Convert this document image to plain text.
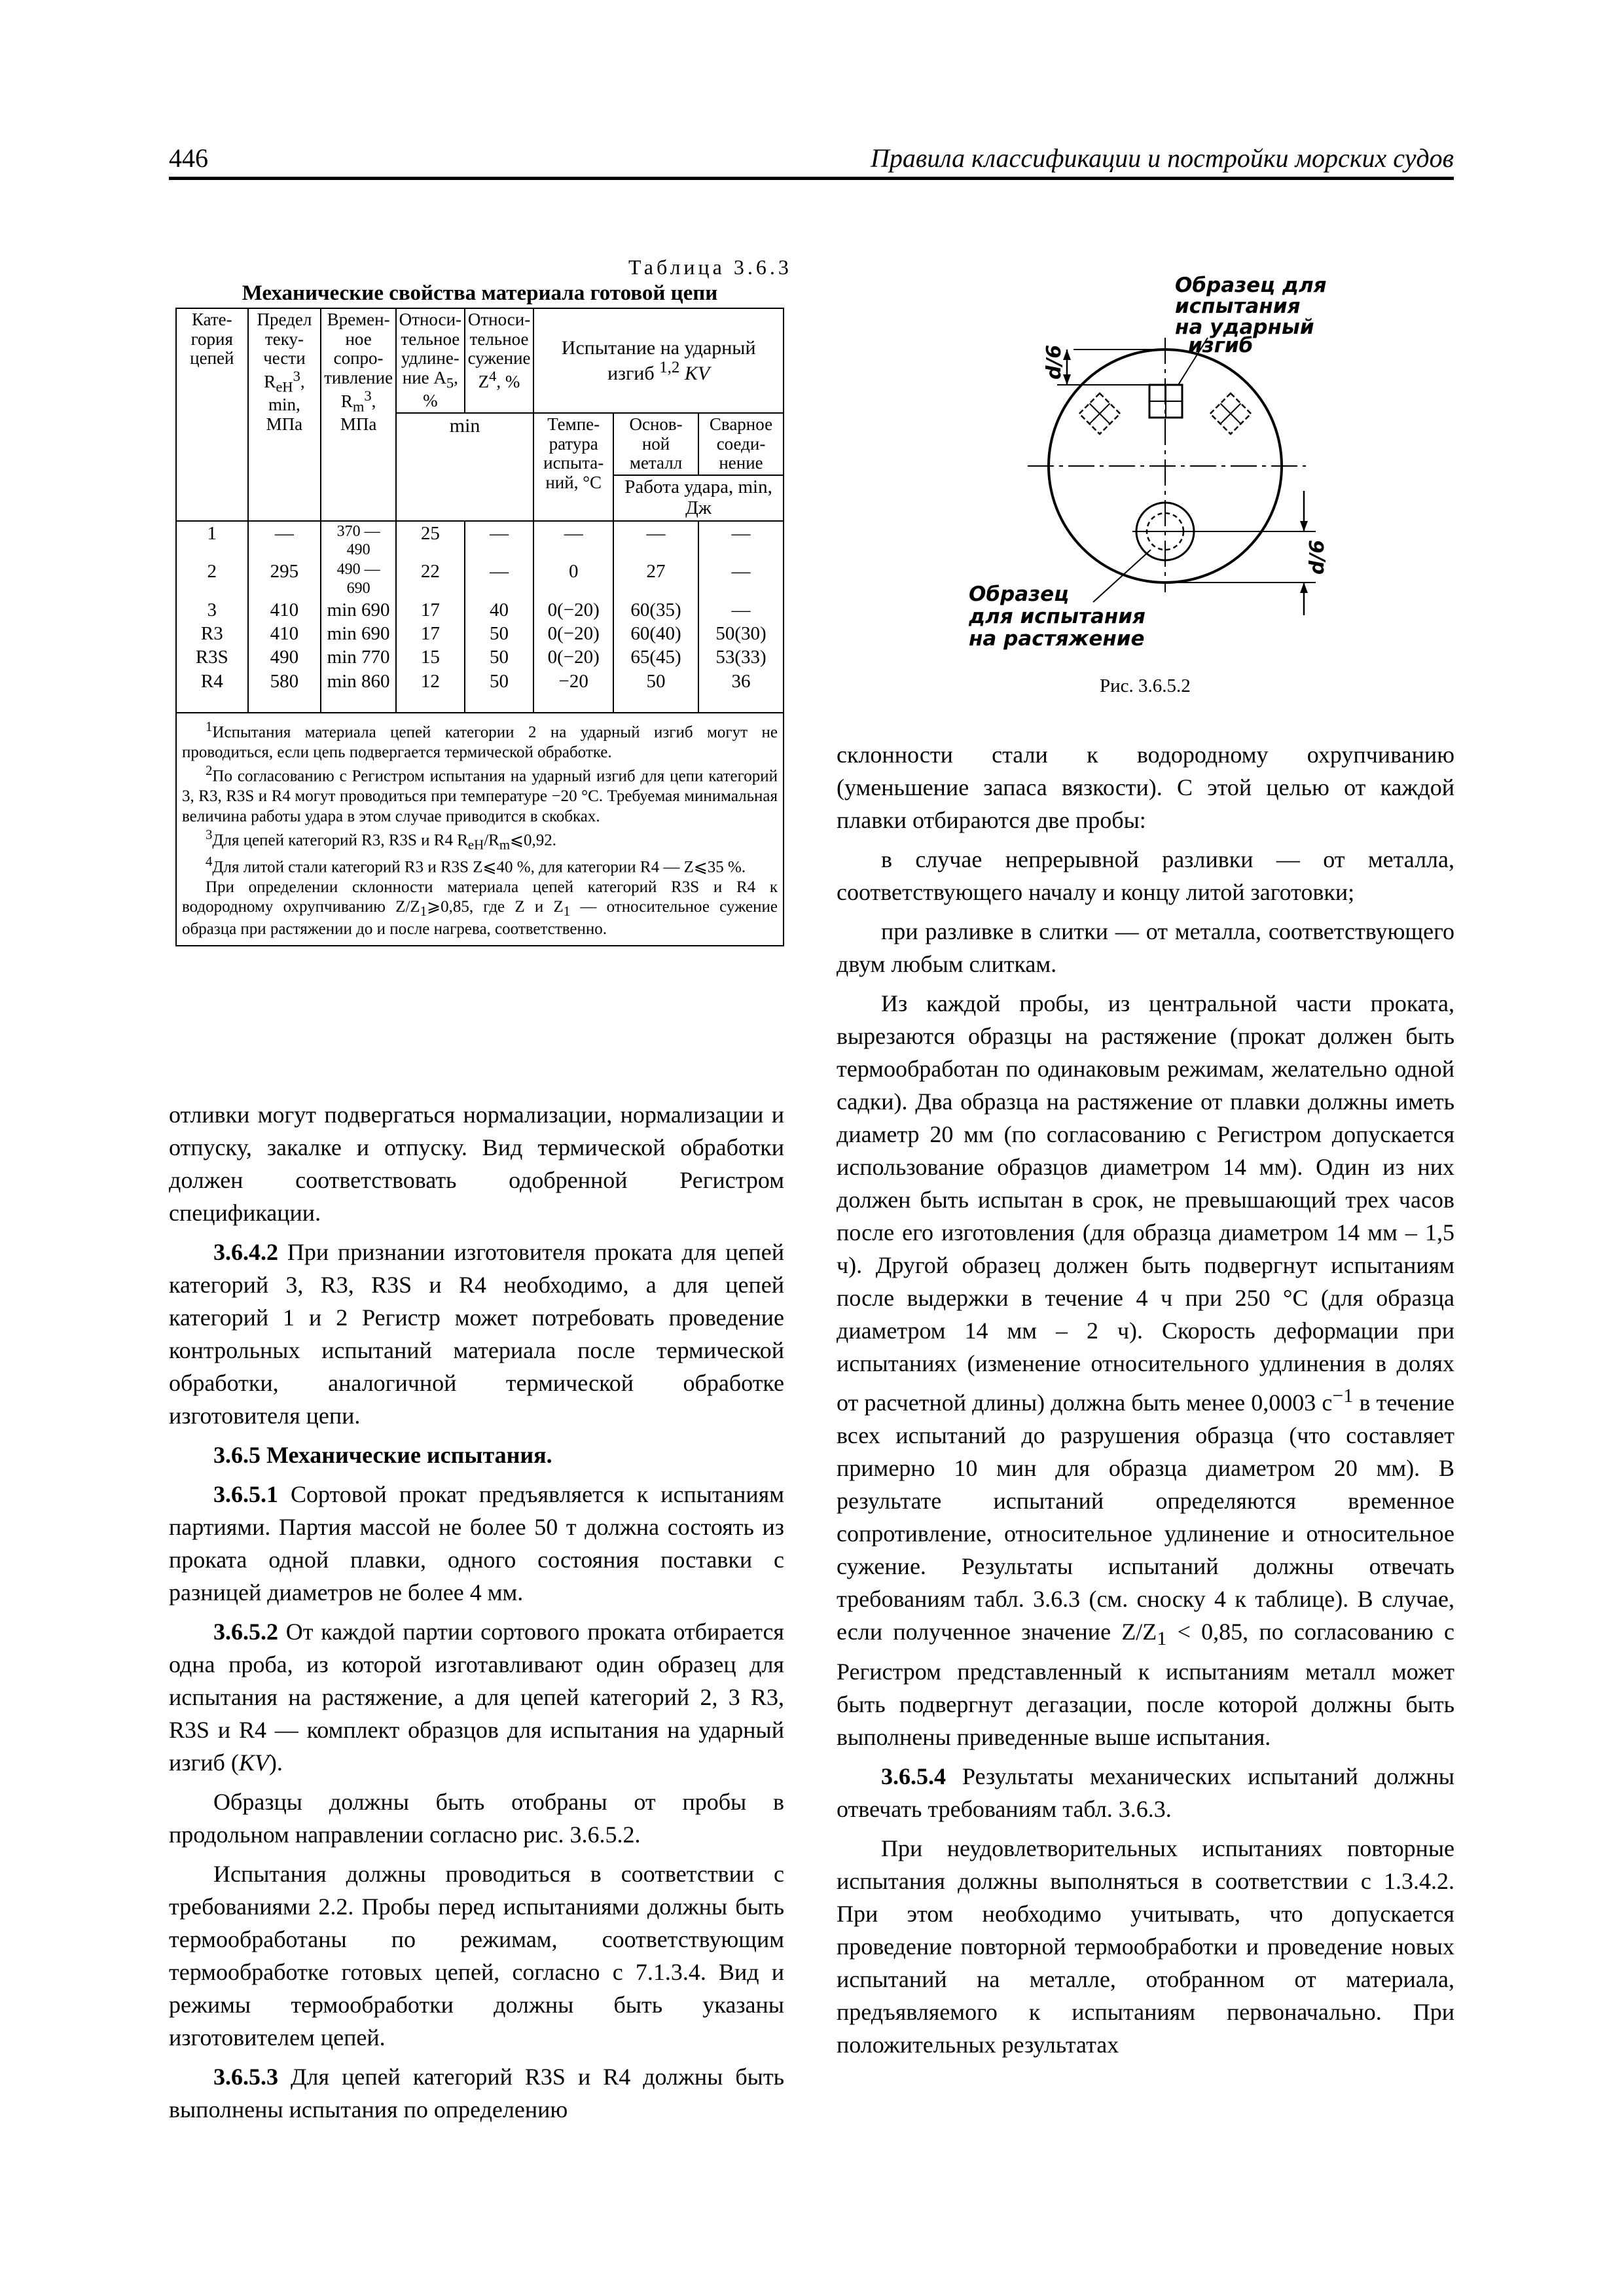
446	Правила классификации и постройки морских судов
Таблица 3.6.3
Механические свойства материала готовой цепи
Кате-гория цепей	Предел теку-чести $R_{eH}^3$, min, МПа	Времен-ное сопро-тивление $R_m^3$, МПа	Относи-тельное удлине-ние $A_5$, %	Относи-тельное сужение $Z^4$, %	Испытание на ударный изгиб $^{1,2}$ KV		
			min		Темпе-ратура испыта-ний, °C	Основ-ной металл	Сварное соеди-нение
						Работа удара, min, Дж	
1	—	370 — 490	25	—	—	—	—
2	295	490 — 690	22	—	0	27	—
3	410	min 690	17	40	0(−20)	60(35)	—
R3	410	min 690	17	50	0(−20)	60(40)	50(30)
R3S	490	min 770	15	50	0(−20)	65(45)	53(33)
R4	580	min 860	12	50	−20	50	36

$^1$Испытания материала цепей категории 2 на ударный изгиб могут не проводиться, если цепь подвергается термической обработке.

$^2$По согласованию с Регистром испытания на ударный изгиб для цепи категорий 3, R3, R3S и R4 могут проводиться при температуре −20 °C. Требуемая минимальная величина работы удара в этом случае приводится в скобках.

$^3$Для цепей категорий R3, R3S и R4 $R_{eH}/R_m⩽0,92$.

$^4$Для литой стали категорий R3 и R3S Z⩽40 %, для категории R4 — Z⩽35 %.

При определении склонности материала цепей категорий R3S и R4 к водородному охрупчиванию $Z/Z_1⩾0,85$, где Z и $Z_1$ — относительное сужение образца при растяжении до и после нагрева, соответственно.							

d/6
d/6
Образец для
испытания
на ударный
изгиб
Образец
для испытания
на растяжение
Рис. 3.6.5.2

отливки могут подвергаться нормализации, нормализации и отпуску, закалке и отпуску. Вид термической обработки должен соответствовать одобренной Регистром спецификации.

3.6.4.2 При признании изготовителя проката для цепей категорий 3, R3, R3S и R4 необходимо, а для цепей категорий 1 и 2 Регистр может потребовать проведение контрольных испытаний материала после термической обработки, аналогичной термической обработке изготовителя цепи.

3.6.5 Механические испытания.

3.6.5.1 Сортовой прокат предъявляется к испытаниям партиями. Партия массой не более 50 т должна состоять из проката одной плавки, одного состояния поставки с разницей диаметров не более 4 мм.

3.6.5.2 От каждой партии сортового проката отбирается одна проба, из которой изготавливают один образец для испытания на растяжение, а для цепей категорий 2, 3 R3, R3S и R4 — комплект образцов для испытания на ударный изгиб (KV).

Образцы должны быть отобраны от пробы в продольном направлении согласно рис. 3.6.5.2.

Испытания должны проводиться в соответствии с требованиями 2.2. Пробы перед испытаниями должны быть термообработаны по режимам, соответствующим термообработке готовых цепей, согласно с 7.1.3.4. Вид и режимы термообработки должны быть указаны изготовителем цепей.

3.6.5.3 Для цепей категорий R3S и R4 должны быть выполнены испытания по определению

склонности стали к водородному охрупчиванию (уменьшение запаса вязкости). С этой целью от каждой плавки отбираются две пробы:

в случае непрерывной разливки — от металла, соответствующего началу и концу литой заготовки;

при разливке в слитки — от металла, соответствующего двум любым слиткам.

Из каждой пробы, из центральной части проката, вырезаются образцы на растяжение (прокат должен быть термообработан по одинаковым режимам, желательно одной садки). Два образца на растяжение от плавки должны иметь диаметр 20 мм (по согласованию с Регистром допускается использование образцов диаметром 14 мм). Один из них должен быть испытан в срок, не превышающий трех часов после его изготовления (для образца диаметром 14 мм – 1,5 ч). Другой образец должен быть подвергнут испытаниям после выдержки в течение 4 ч при 250 °C (для образца диаметром 14 мм – 2 ч). Скорость деформации при испытаниях (изменение относительного удлинения в долях от расчетной длины) должна быть менее 0,0003 $с^{-1}$ в течение всех испытаний до разрушения образца (что составляет примерно 10 мин для образца диаметром 20 мм). В результате испытаний определяются временное сопротивление, относительное удлинение и относительное сужение. Результаты испытаний должны отвечать требованиям табл. 3.6.3 (см. сноску 4 к таблице). В случае, если полученное значение $Z/Z_1 < 0,85$, по согласованию с Регистром представленный к испытаниям металл может быть подвергнут дегазации, после которой должны быть выполнены приведенные выше испытания.

3.6.5.4 Результаты механических испытаний должны отвечать требованиям табл. 3.6.3.

При неудовлетворительных испытаниях повторные испытания должны выполняться в соответствии с 1.3.4.2. При этом необходимо учитывать, что допускается проведение повторной термообработки и проведение новых испытаний на металле, отобранном от материала, предъявляемого к испытаниям первоначально. При положительных результатах
